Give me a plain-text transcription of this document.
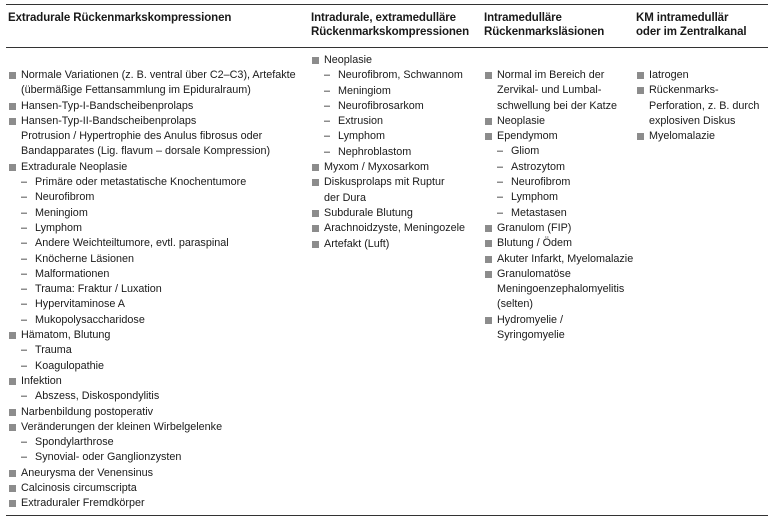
Extradurale Rückenmarkskompressionen	Intradurale, extramedulläre
Rückenmarkskompressionen
Intramedulläre
Rückenmarksläsionen
KM intramedullär
oder im Zentralkanal
Normale Variationen (z. B. ventral über C2–C3), Artefakte
(übermäßige Fettansammlung im Epiduralraum)
Hansen-Typ-I-Bandscheibenprolaps
Hansen-Typ-II-Bandscheibenprolaps
Protrusion / Hypertrophie des Anulus fibrosus oder
Bandapparates (Lig. flavum – dorsale Kompression)
Extradurale Neoplasie
– Primäre oder metastatische Knochentumore
– Neurofibrom
– Meningiom
– Lymphom
– Andere Weichteiltumore, evtl. paraspinal
– Knöcherne Läsionen
– Malformationen
– Trauma: Fraktur / Luxation
– Hypervitaminose A
– Mukopolysaccharidose
Hämatom, Blutung
– Trauma
– Koagulopathie
Infektion
– Abszess, Diskospondylitis
Narbenbildung postoperativ
Veränderungen der kleinen Wirbelgelenke
– Spondylarthrose
– Synovial- oder Ganglionzysten
Aneurysma der Venensinus
Calcinosis circumscripta
Extraduraler Fremdkörper
Neoplasie
– Neurofibrom, Schwannom
– Meningiom
– Neurofibrosarkom
– Extrusion
– Lymphom
– Nephroblastom
Myxom / Myxosarkom
Diskusprolaps mit Ruptur
der Dura
Subdurale Blutung
Arachnoidzyste, Meningozele
Artefakt (Luft)
Normal im Bereich der
Zervikal- und Lumbal-
schwellung bei der Katze
Neoplasie
Ependymom
– Gliom
– Astrozytom
– Neurofibrom
– Lymphom
– Metastasen
Granulom (FIP)
Blutung / Ödem
Akuter Infarkt, Myelomalazie
Granulomatöse
Meningoenzephalomyelitis
(selten)
Hydromyelie /
Syringomyelie
Iatrogen
Rückenmarks-
Perforation, z. B. durch
explosiven Diskus
Myelomalazie
